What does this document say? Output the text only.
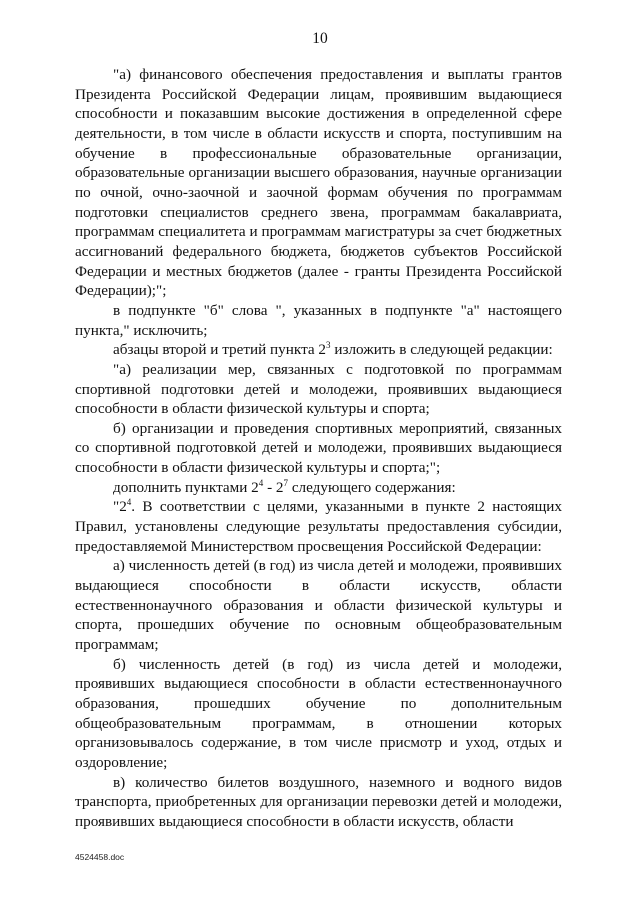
10

"а) финансового обеспечения предоставления и выплаты грантов Президента Российской Федерации лицам, проявившим выдающиеся способности и показавшим высокие достижения в определенной сфере деятельности, в том числе в области искусств и спорта, поступившим на обучение в профессиональные образовательные организации, образовательные организации высшего образования, научные организации по очной, очно-заочной и заочной формам обучения по программам подготовки специалистов среднего звена, программам бакалавриата, программам специалитета и программам магистратуры за счет бюджетных ассигнований федерального бюджета, бюджетов субъектов Российской Федерации и местных бюджетов (далее - гранты Президента Российской Федерации);";

в подпункте "б" слова ", указанных в подпункте "а" настоящего пункта," исключить;

абзацы второй и третий пункта $2^3$ изложить в следующей редакции:

"а) реализации мер, связанных с подготовкой по программам спортивной подготовки детей и молодежи, проявивших выдающиеся способности в области физической культуры и спорта;

б) организации и проведения спортивных мероприятий, связанных со спортивной подготовкой детей и молодежи, проявивших выдающиеся способности в области физической культуры и спорта;";

дополнить пунктами $2^4 - 2^7$ следующего содержания:

"$2^4$. В соответствии с целями, указанными в пункте 2 настоящих Правил, установлены следующие результаты предоставления субсидии, предоставляемой Министерством просвещения Российской Федерации:

а) численность детей (в год) из числа детей и молодежи, проявивших выдающиеся способности в области искусств, области естественнонаучного образования и области физической культуры и спорта, прошедших обучение по основным общеобразовательным программам;

б) численность детей (в год) из числа детей и молодежи, проявивших выдающиеся способности в области естественнонаучного образования, прошедших обучение по дополнительным общеобразовательным программам, в отношении которых организовывалось содержание, в том числе присмотр и уход, отдых и оздоровление;

в) количество билетов воздушного, наземного и водного видов транспорта, приобретенных для организации перевозки детей и молодежи, проявивших выдающиеся способности в области искусств, области

4524458.doc
